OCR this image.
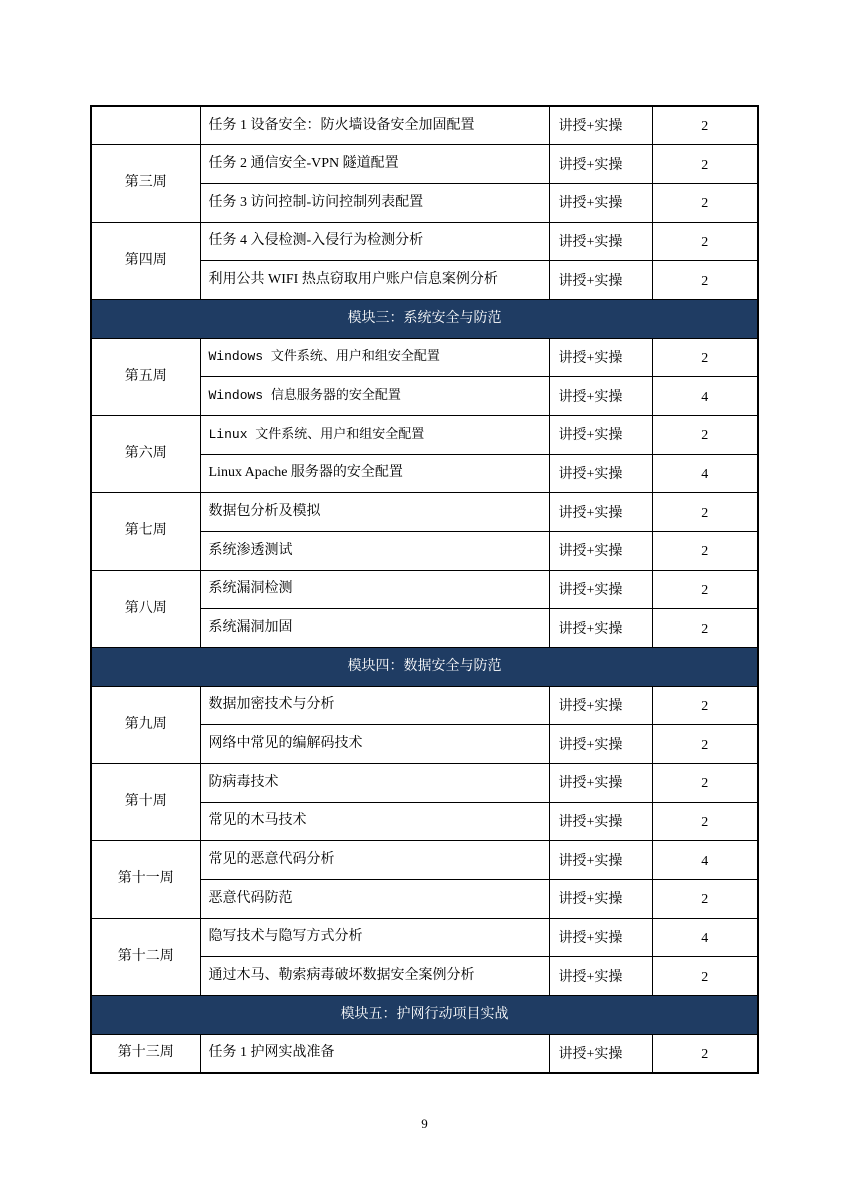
	任务 1 设备安全：防火墙设备安全加固配置	讲授+实操	2
第三周	任务 2 通信安全-VPN 隧道配置	讲授+实操	2
	任务 3 访问控制-访问控制列表配置	讲授+实操	2
第四周	任务 4 入侵检测-入侵行为检测分析	讲授+实操	2
	利用公共 WIFI 热点窃取用户账户信息案例分析	讲授+实操	2
模块三：系统安全与防范			
第五周	Windows 文件系统、用户和组安全配置	讲授+实操	2
	Windows 信息服务器的安全配置	讲授+实操	4
第六周	Linux 文件系统、用户和组安全配置	讲授+实操	2
	Linux Apache 服务器的安全配置	讲授+实操	4
第七周	数据包分析及模拟	讲授+实操	2
	系统渗透测试	讲授+实操	2
第八周	系统漏洞检测	讲授+实操	2
	系统漏洞加固	讲授+实操	2
模块四：数据安全与防范			
第九周	数据加密技术与分析	讲授+实操	2
	网络中常见的编解码技术	讲授+实操	2
第十周	防病毒技术	讲授+实操	2
	常见的木马技术	讲授+实操	2
第十一周	常见的恶意代码分析	讲授+实操	4
	恶意代码防范	讲授+实操	2
第十二周	隐写技术与隐写方式分析	讲授+实操	4
	通过木马、勒索病毒破坏数据安全案例分析	讲授+实操	2
模块五：护网行动项目实战			
第十三周	任务 1 护网实战准备	讲授+实操	2
9
